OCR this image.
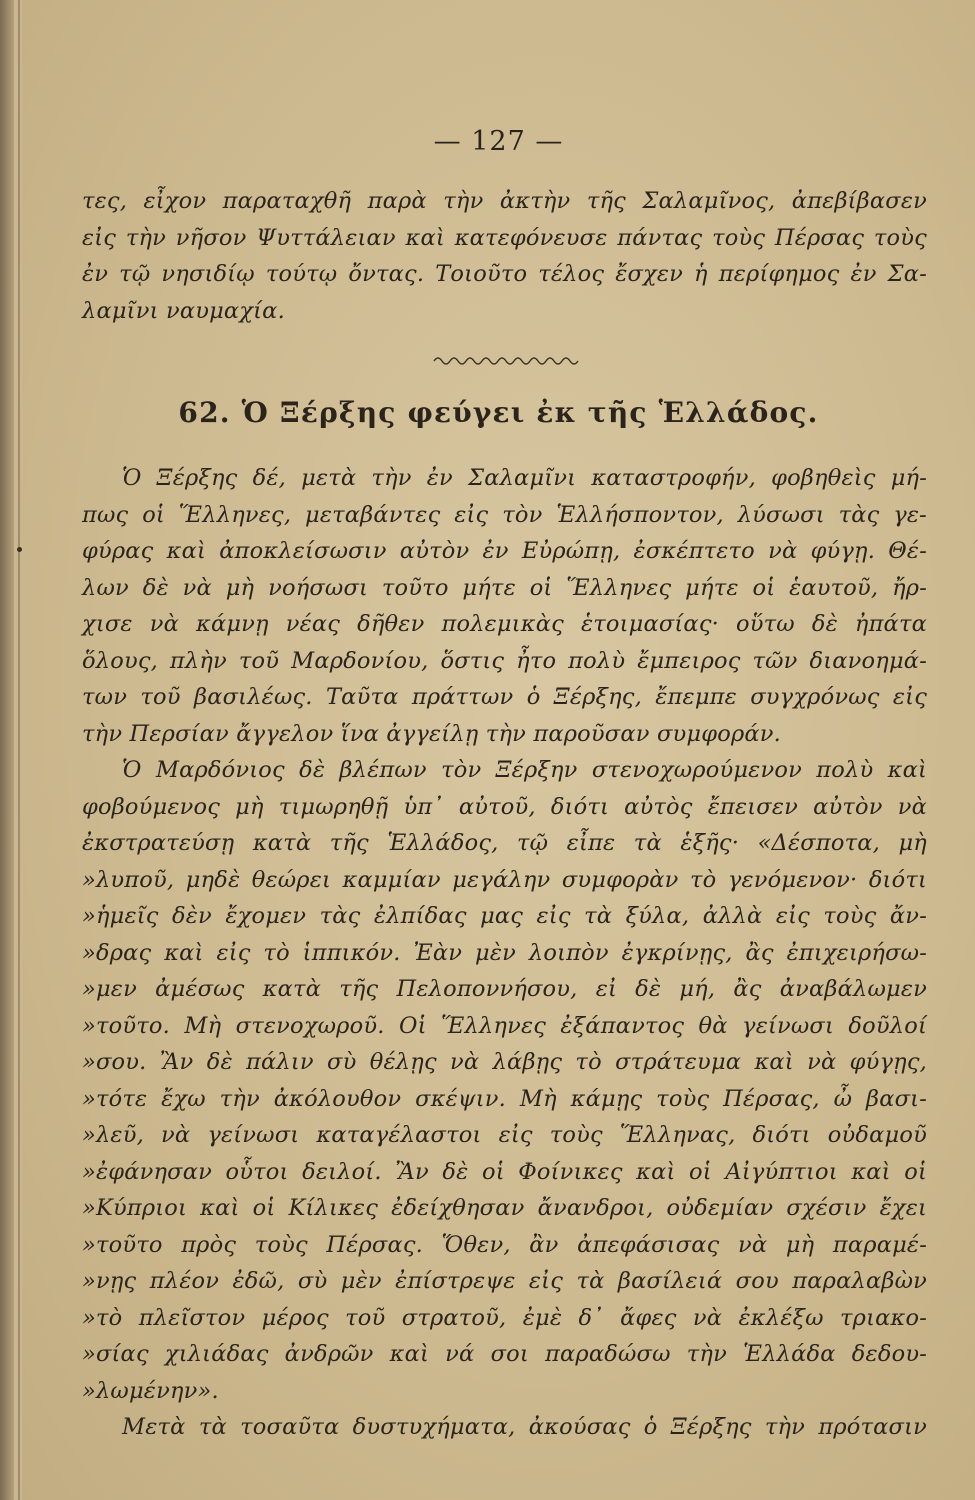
— 127 —
τες, εἶχον παραταχθῆ παρὰ τὴν ἀκτὴν τῆς Σαλαμῖνος, ἀπεβίβασεν
εἰς τὴν νῆσον Ψυττάλειαν καὶ κατεφόνευσε πάντας τοὺς Πέρσας τοὺς
ἐν τῷ νησιδίῳ τούτῳ ὄντας. Τοιοῦτο τέλος ἔσχεν ἡ περίφημος ἐν Σα-
λαμῖνι ναυμαχία.
62. Ὁ Ξέρξης φεύγει ἐκ τῆς Ἑλλάδος.
Ὁ Ξέρξης δέ, μετὰ τὴν ἐν Σαλαμῖνι καταστροφήν, φοβηθεὶς μή-
πως οἱ Ἕλληνες, μεταβάντες εἰς τὸν Ἑλλήσποντον, λύσωσι τὰς γε-
φύρας καὶ ἀποκλείσωσιν αὐτὸν ἐν Εὐρώπῃ, ἐσκέπτετο νὰ φύγῃ. Θέ-
λων δὲ νὰ μὴ νοήσωσι τοῦτο μήτε οἱ Ἕλληνες μήτε οἱ ἑαυτοῦ, ἤρ-
χισε νὰ κάμνῃ νέας δῆθεν πολεμικὰς ἑτοιμασίας· οὕτω δὲ ἠπάτα
ὅλους, πλὴν τοῦ Μαρδονίου, ὅστις ἦτο πολὺ ἔμπειρος τῶν διανοημά-
των τοῦ βασιλέως. Ταῦτα πράττων ὁ Ξέρξης, ἔπεμπε συγχρόνως εἰς
τὴν Περσίαν ἄγγελον ἵνα ἀγγείλῃ τὴν παροῦσαν συμφοράν.
Ὁ Μαρδόνιος δὲ βλέπων τὸν Ξέρξην στενοχωρούμενον πολὺ καὶ
φοβούμενος μὴ τιμωρηθῇ ὑπ᾽ αὐτοῦ, διότι αὐτὸς ἔπεισεν αὐτὸν νὰ
ἐκστρατεύσῃ κατὰ τῆς Ἑλλάδος, τῷ εἶπε τὰ ἑξῆς· «Δέσποτα, μὴ
»λυποῦ, μηδὲ θεώρει καμμίαν μεγάλην συμφορὰν τὸ γενόμενον· διότι
»ἡμεῖς δὲν ἔχομεν τὰς ἐλπίδας μας εἰς τὰ ξύλα, ἀλλὰ εἰς τοὺς ἄν-
»δρας καὶ εἰς τὸ ἱππικόν. Ἐὰν μὲν λοιπὸν ἐγκρίνῃς, ἂς ἐπιχειρήσω-
»μεν ἀμέσως κατὰ τῆς Πελοποννήσου, εἰ δὲ μή, ἂς ἀναβάλωμεν
»τοῦτο. Μὴ στενοχωροῦ. Οἱ Ἕλληνες ἐξάπαντος θὰ γείνωσι δοῦλοί
»σου. Ἂν δὲ πάλιν σὺ θέλῃς νὰ λάβῃς τὸ στράτευμα καὶ νὰ φύγῃς,
»τότε ἔχω τὴν ἀκόλουθον σκέψιν. Μὴ κάμῃς τοὺς Πέρσας, ὦ βασι-
»λεῦ, νὰ γείνωσι καταγέλαστοι εἰς τοὺς Ἕλληνας, διότι οὐδαμοῦ
»ἐφάνησαν οὗτοι δειλοί. Ἂν δὲ οἱ Φοίνικες καὶ οἱ Αἰγύπτιοι καὶ οἱ
»Κύπριοι καὶ οἱ Κίλικες ἐδείχθησαν ἄνανδροι, οὐδεμίαν σχέσιν ἔχει
»τοῦτο πρὸς τοὺς Πέρσας. Ὅθεν, ἂν ἀπεφάσισας νὰ μὴ παραμέ-
»νῃς πλέον ἐδῶ, σὺ μὲν ἐπίστρεψε εἰς τὰ βασίλειά σου παραλαβὼν
»τὸ πλεῖστον μέρος τοῦ στρατοῦ, ἐμὲ δ᾽ ἄφες νὰ ἐκλέξω τριακο-
»σίας χιλιάδας ἀνδρῶν καὶ νά σοι παραδώσω τὴν Ἑλλάδα δεδου-
»λωμένην».
Μετὰ τὰ τοσαῦτα δυστυχήματα, ἀκούσας ὁ Ξέρξης τὴν πρότασιν
